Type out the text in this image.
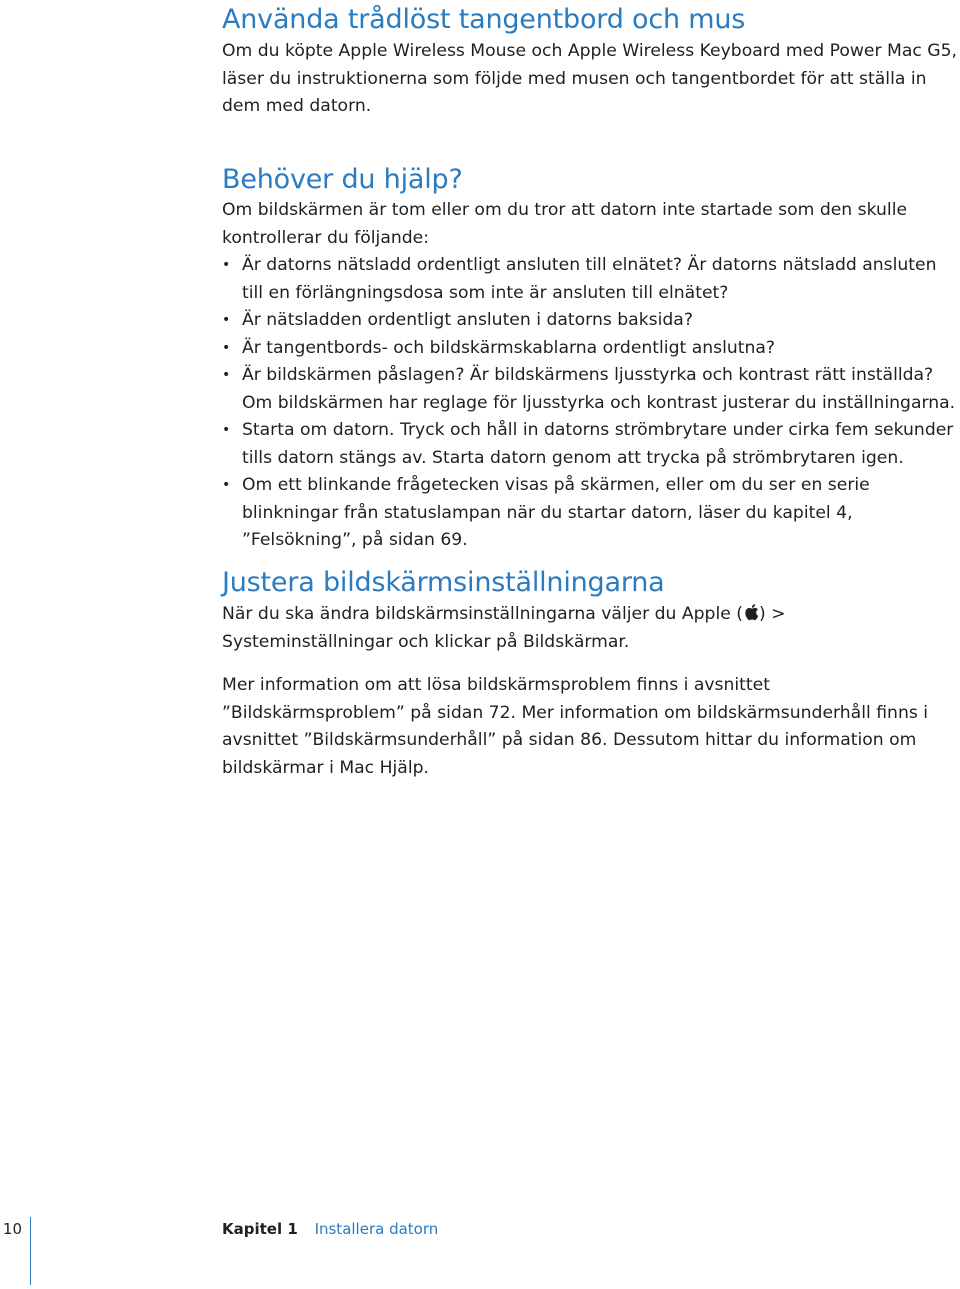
Använda trådlöst tangentbord och mus

Om du köpte Apple Wireless Mouse och Apple Wireless Keyboard med Power Mac G5, läser du instruktionerna som följde med musen och tangentbordet för att ställa in dem med datorn.

Behöver du hjälp?

Om bildskärmen är tom eller om du tror att datorn inte startade som den skulle kontrollerar du följande:

• Är datorns nätsladd ordentligt ansluten till elnätet? Är datorns nätsladd ansluten till en förlängningsdosa som inte är ansluten till elnätet?
• Är nätsladden ordentligt ansluten i datorns baksida?
• Är tangentbords- och bildskärmskablarna ordentligt anslutna?
• Är bildskärmen påslagen? Är bildskärmens ljusstyrka och kontrast rätt inställda? Om bildskärmen har reglage för ljusstyrka och kontrast justerar du inställningarna.
• Starta om datorn. Tryck och håll in datorns strömbrytare under cirka fem sekunder tills datorn stängs av. Starta datorn genom att trycka på strömbrytaren igen.
• Om ett blinkande frågetecken visas på skärmen, eller om du ser en serie blinkningar från statuslampan när du startar datorn, läser du kapitel 4, ”Felsökning”, på sidan 69.
Justera bildskärmsinställningarna

När du ska ändra bildskärmsinställningarna väljer du Apple ( ) > Systeminställningar och klickar på Bildskärmar.

Mer information om att lösa bildskärmsproblem finns i avsnittet ”Bildskärmsproblem” på sidan 72. Mer information om bildskärmsunderhåll finns i avsnittet ”Bildskärmsunderhåll” på sidan 86. Dessutom hittar du information om bildskärmar i Mac Hjälp.

10	Kapitel 1 Installera datorn
